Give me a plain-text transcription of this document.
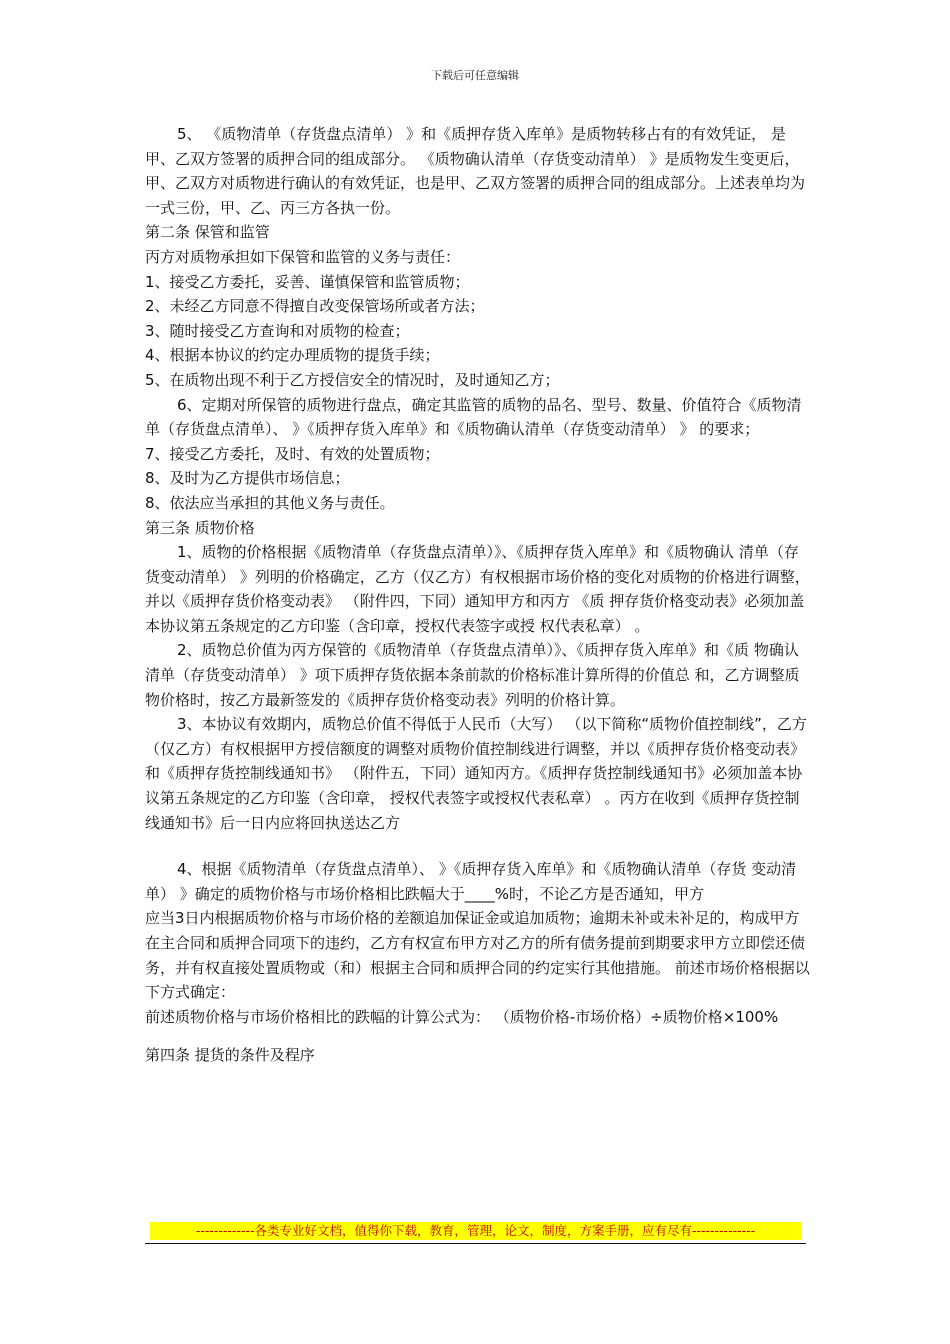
下载后可任意编辑

5、 《质物清单（存货盘点清单） 》和《质押存货入库单》是质物转移占有的有效凭证， 是甲、乙双方签署的质押合同的组成部分。 《质物确认清单（存货变动清单） 》是质物发生变更后，甲、乙双方对质物进行确认的有效凭证，也是甲、乙双方签署的质押合同的组成部分。上述表单均为一式三份，甲、乙、丙三方各执一份。

第二条 保管和监管

丙方对质物承担如下保管和监管的义务与责任：

1、接受乙方委托，妥善、谨慎保管和监管质物；

2、未经乙方同意不得擅自改变保管场所或者方法；

3、随时接受乙方查询和对质物的检查；

4、根据本协议的约定办理质物的提货手续；

5、在质物出现不利于乙方授信安全的情况时，及时通知乙方；

6、定期对所保管的质物进行盘点，确定其监管的质物的品名、型号、数量、价值符合《质物清单（存货盘点清单）、 》《质押存货入库单》和《质物确认清单（存货变动清单） 》 的要求；

7、接受乙方委托，及时、有效的处置质物；

8、及时为乙方提供市场信息；

8、依法应当承担的其他义务与责任。

第三条 质物价格

1、质物的价格根据《质物清单（存货盘点清单）》、《质押存货入库单》和《质物确认 清单（存货变动清单） 》列明的价格确定，乙方（仅乙方）有权根据市场价格的变化对质物的价格进行调整，并以《质押存货价格变动表》 （附件四，下同）通知甲方和丙方 《质 押存货价格变动表》必须加盖本协议第五条规定的乙方印鉴（含印章，授权代表签字或授 权代表私章） 。

2、质物总价值为丙方保管的《质物清单（存货盘点清单）》、《质押存货入库单》和《质 物确认清单（存货变动清单） 》项下质押存货依据本条前款的价格标准计算所得的价值总 和，乙方调整质物价格时，按乙方最新签发的《质押存货价格变动表》列明的价格计算。

3、本协议有效期内，质物总价值不得低于人民币（大写） （以下简称“质物价值控制线”，乙方（仅乙方）有权根据甲方授信额度的调整对质物价值控制线进行调整，并以《质押存货价格变动表》和《质押存货控制线通知书》 （附件五，下同）通知丙方。《质押存货控制线通知书》必须加盖本协议第五条规定的乙方印鉴（含印章， 授权代表签字或授权代表私章） 。丙方在收到《质押存货控制线通知书》后一日内应将回执送达乙方

4、根据《质物清单（存货盘点清单）、 》《质押存货入库单》和《质物确认清单（存货 变动清单） 》确定的质物价格与市场价格相比跌幅大于____%时，不论乙方是否通知，甲方

应当3日内根据质物价格与市场价格的差额追加保证金或追加质物；逾期未补或未补足的，构成甲方在主合同和质押合同项下的违约，乙方有权宣布甲方对乙方的所有债务提前到期要求甲方立即偿还债务，并有权直接处置质物或（和）根据主合同和质押合同的约定实行其他措施。 前述市场价格根据以下方式确定：

前述质物价格与市场价格相比的跌幅的计算公式为： （质物价格-市场价格）÷质物价格×100%

第四条 提货的条件及程序

-------------各类专业好文档，值得你下载，教育，管理，论文，制度，方案手册，应有尽有--------------
